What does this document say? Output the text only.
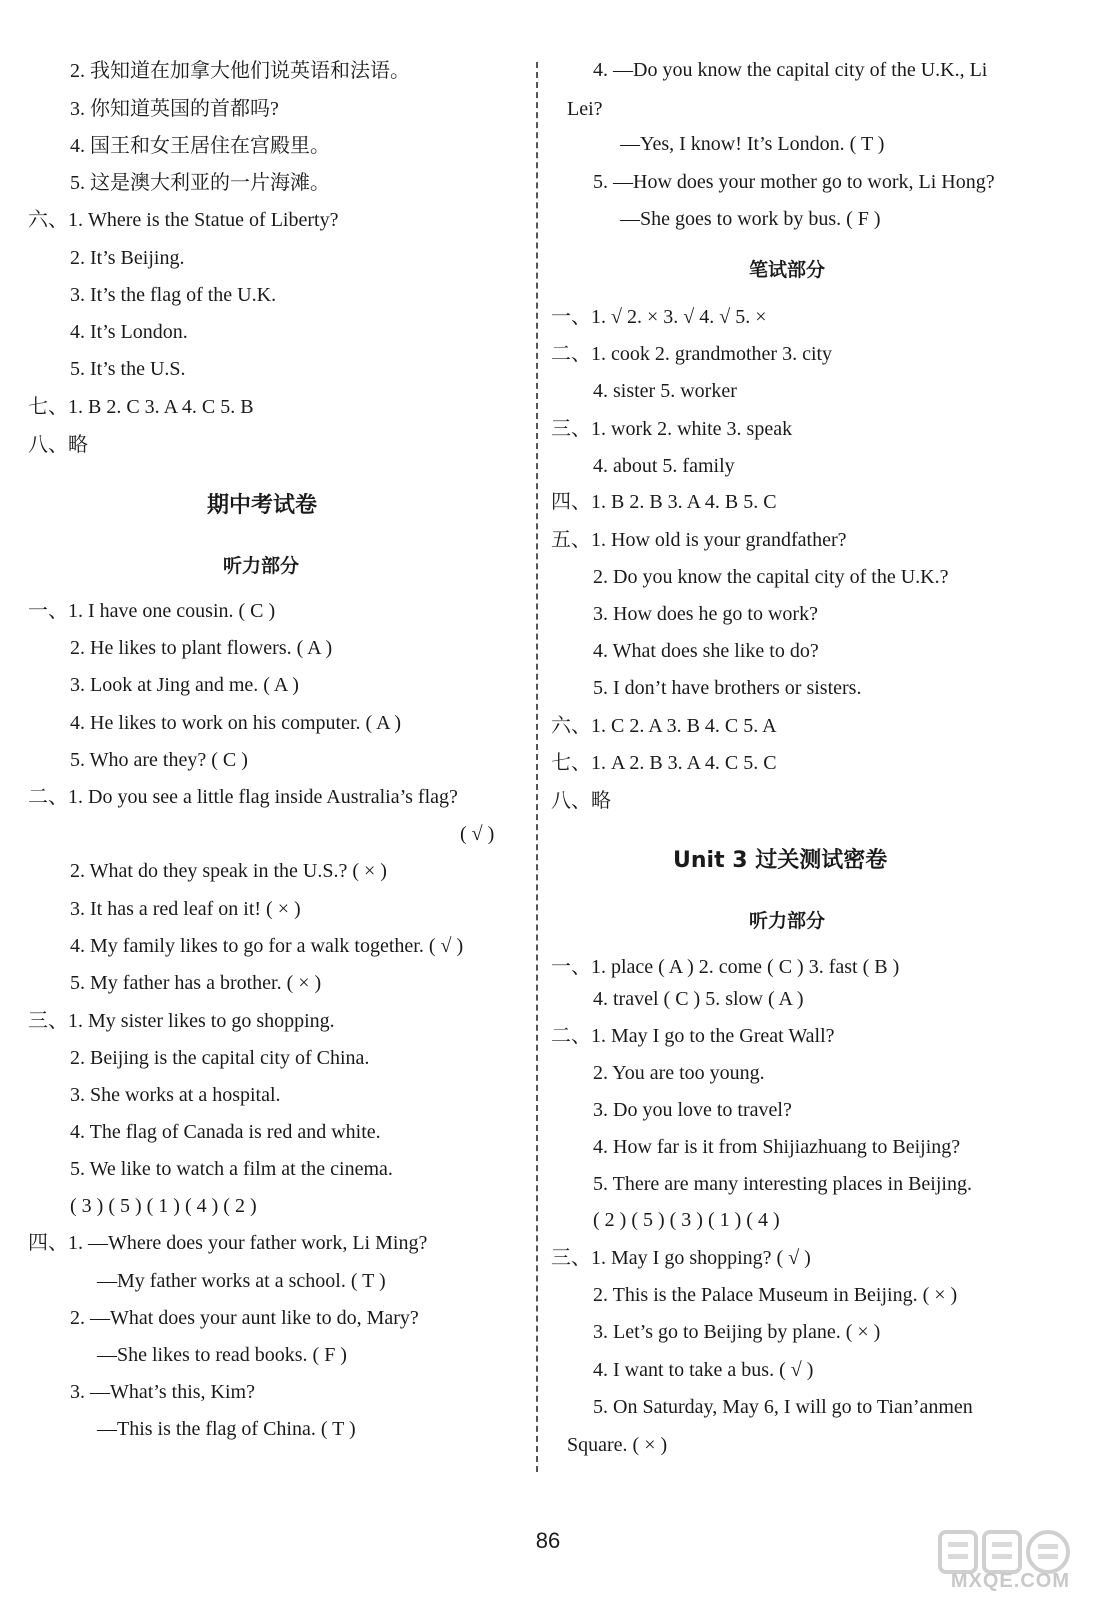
期中考试卷
听力部分
2. 我知道在加拿大他们说英语和法语。
3. 你知道英国的首都吗?
4. 国王和女王居住在宫殿里。
5. 这是澳大利亚的一片海滩。
六、1. Where is the Statue of Liberty?
2. It’s Beijing.
3. It’s the flag of the U.K.
4. It’s London.
5. It’s the U.S.
七、1. B 2. C 3. A 4. C 5. B
八、略
一、1. I have one cousin. ( C )
2. He likes to plant flowers. ( A )
3. Look at Jing and me. ( A )
4. He likes to work on his computer. ( A )
5. Who are they? ( C )
二、1. Do you see a little flag inside Australia’s flag?
( √ )
2. What do they speak in the U.S.? ( × )
3. It has a red leaf on it! ( × )
4. My family likes to go for a walk together. ( √ )
5. My father has a brother. ( × )
三、1. My sister likes to go shopping.
2. Beijing is the capital city of China.
3. She works at a hospital.
4. The flag of Canada is red and white.
5. We like to watch a film at the cinema.
( 3 ) ( 5 ) ( 1 ) ( 4 ) ( 2 )
四、1. —Where does your father work, Li Ming?
—My father works at a school. ( T )
2. —What does your aunt like to do, Mary?
—She likes to read books. ( F )
3. —What’s this, Kim?
—This is the flag of China. ( T )
笔试部分
Unit 3 过关测试密卷
听力部分
4. —Do you know the capital city of the U.K., Li
Lei?
—Yes, I know! It’s London. ( T )
5. —How does your mother go to work, Li Hong?
—She goes to work by bus. ( F )
一、1. √ 2. × 3. √ 4. √ 5. ×
二、1. cook 2. grandmother 3. city
4. sister 5. worker
三、1. work 2. white 3. speak
4. about 5. family
四、1. B 2. B 3. A 4. B 5. C
五、1. How old is your grandfather?
2. Do you know the capital city of the U.K.?
3. How does he go to work?
4. What does she like to do?
5. I don’t have brothers or sisters.
六、1. C 2. A 3. B 4. C 5. A
七、1. A 2. B 3. A 4. C 5. C
八、略
一、1. place ( A ) 2. come ( C ) 3. fast ( B )
4. travel ( C ) 5. slow ( A )
二、1. May I go to the Great Wall?
2. You are too young.
3. Do you love to travel?
4. How far is it from Shijiazhuang to Beijing?
5. There are many interesting places in Beijing.
( 2 ) ( 5 ) ( 3 ) ( 1 ) ( 4 )
三、1. May I go shopping? ( √ )
2. This is the Palace Museum in Beijing. ( × )
3. Let’s go to Beijing by plane. ( × )
4. I want to take a bus. ( √ )
5. On Saturday, May 6, I will go to Tian’anmen
Square. ( × )
86
MXQE.COM
